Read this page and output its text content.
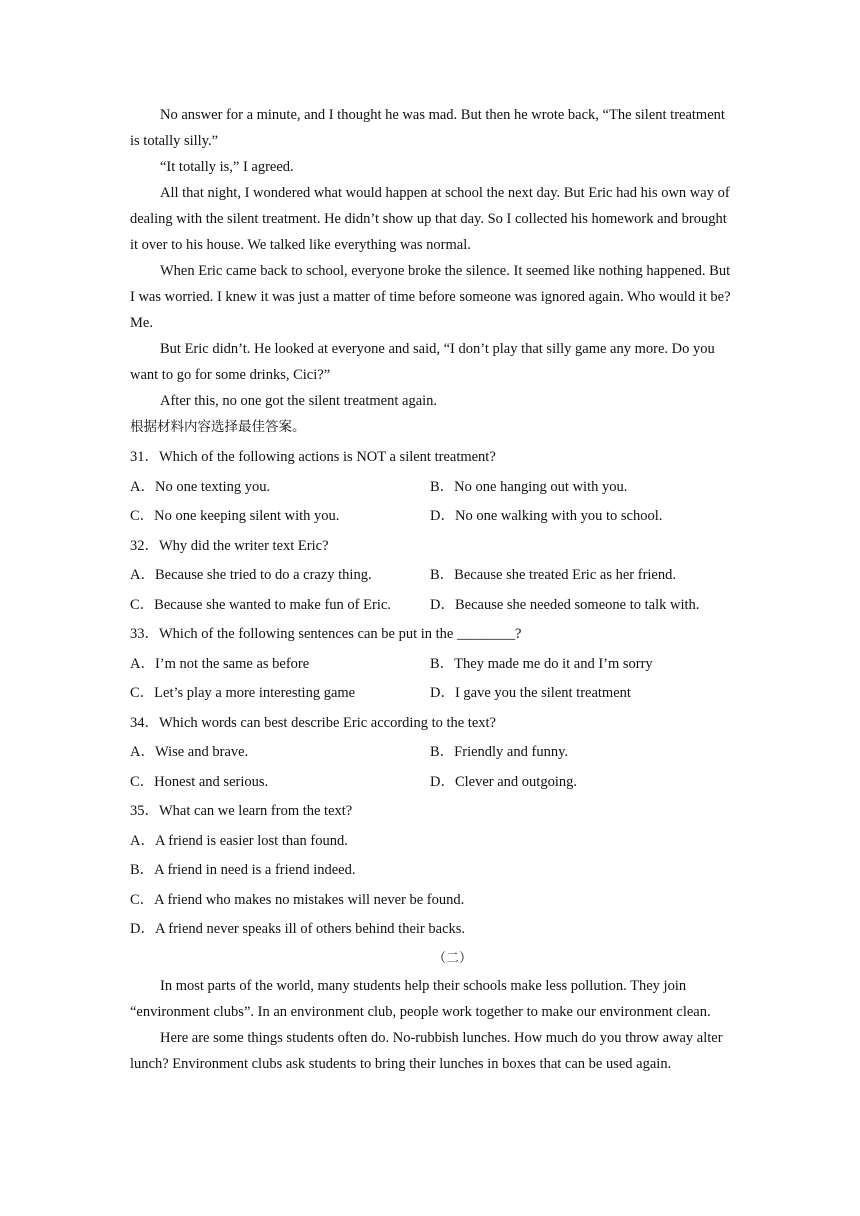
No answer for a minute, and I thought he was mad. But then he wrote back, “The silent treatment is totally silly.”

“It totally is,” I agreed.

All that night, I wondered what would happen at school the next day. But Eric had his own way of dealing with the silent treatment. He didn’t show up that day. So I collected his homework and brought it over to his house. We talked like everything was normal.

When Eric came back to school, everyone broke the silence. It seemed like nothing happened. But I was worried. I knew it was just a matter of time before someone was ignored again. Who would it be? Me.

But Eric didn’t. He looked at everyone and said, “I don’t play that silly game any more. Do you want to go for some drinks, Cici?”

After this, no one got the silent treatment again.

根据材料内容选择最佳答案。

31．Which of the following actions is NOT a silent treatment?
A．No one texting you.	B．No one hanging out with you.
C．No one keeping silent with you.	D．No one walking with you to school.
32．Why did the writer text Eric?
A．Because she tried to do a crazy thing.	B．Because she treated Eric as her friend.
C．Because she wanted to make fun of Eric.	D．Because she needed someone to talk with.
33．Which of the following sentences can be put in the ________?
A．I’m not the same as before	B．They made me do it and I’m sorry
C．Let’s play a more interesting game	D．I gave you the silent treatment
34．Which words can best describe Eric according to the text?
A．Wise and brave.	B．Friendly and funny.
C．Honest and serious.	D．Clever and outgoing.
35．What can we learn from the text?
A．A friend is easier lost than found.
B．A friend in need is a friend indeed.
C．A friend who makes no mistakes will never be found.
D．A friend never speaks ill of others behind their backs.
（二）

In most parts of the world, many students help their schools make less pollution. They join “environment clubs”. In an environment club, people work together to make our environment clean.

Here are some things students often do. No-rubbish lunches. How much do you throw away alter lunch? Environment clubs ask students to bring their lunches in boxes that can be used again.
